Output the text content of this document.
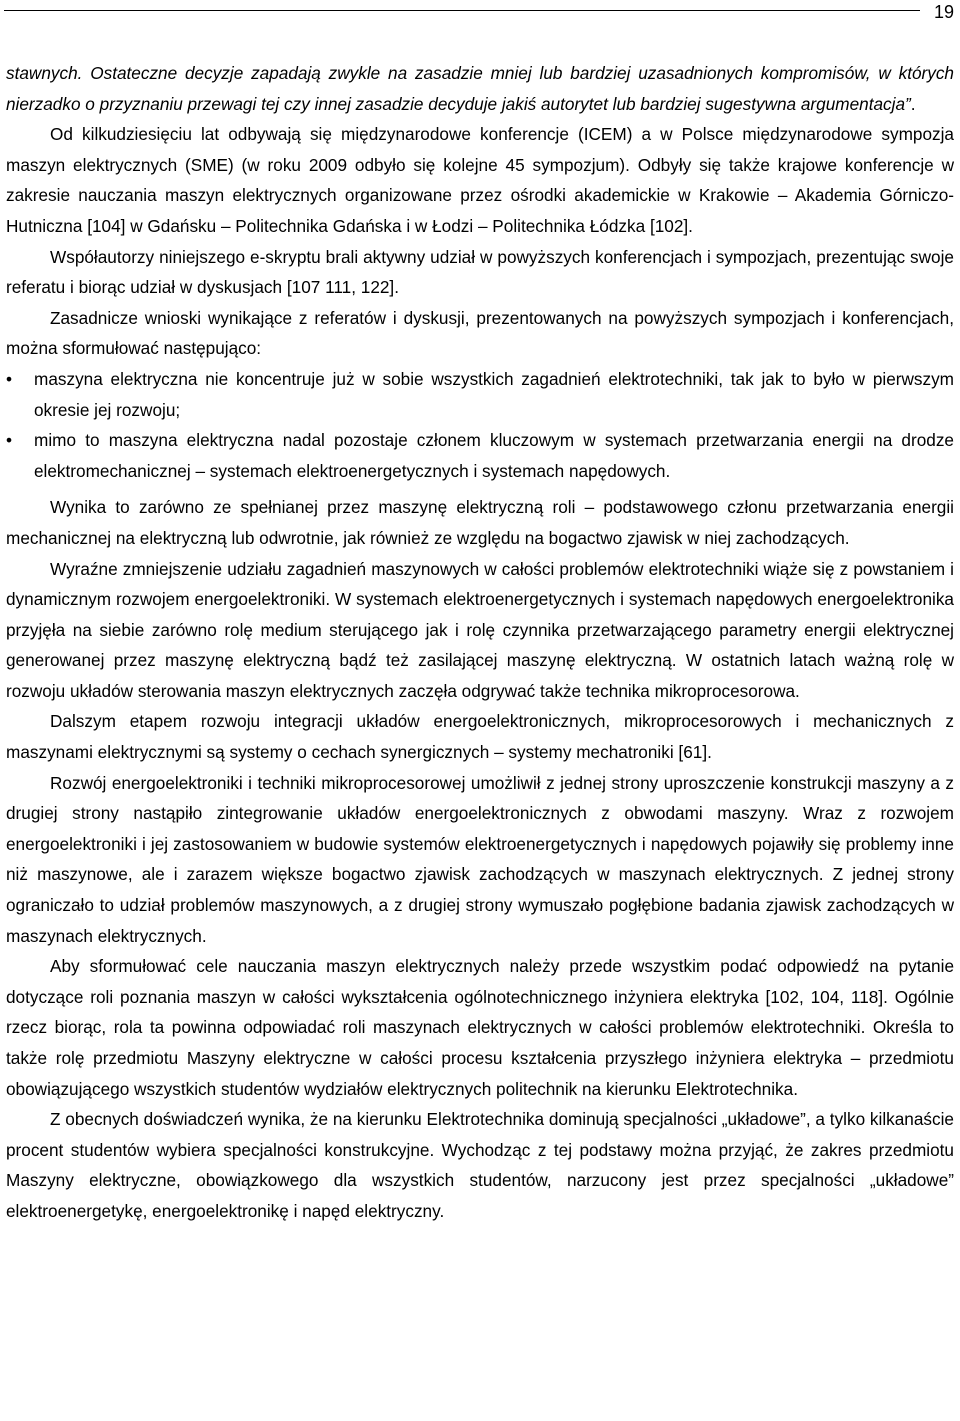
19

stawnych. Ostateczne decyzje zapadają zwykle na zasadzie mniej lub bardziej uzasadnionych kompromisów, w których nierzadko o przyznaniu przewagi tej czy innej zasadzie decyduje jakiś autorytet lub bardziej sugestywna argumentacja”.

Od kilkudziesięciu lat odbywają się międzynarodowe konferencje (ICEM) a w Polsce międzynarodowe sympozja maszyn elektrycznych (SME) (w roku 2009 odbyło się kolejne 45 sympozjum). Odbyły się także krajowe konferencje w zakresie nauczania maszyn elektrycznych organizowane przez ośrodki akademickie w Krakowie – Akademia Górniczo-Hutniczna [104] w Gdańsku – Politechnika Gdańska i w Łodzi – Politechnika Łódzka [102].

Współautorzy niniejszego e-skryptu brali aktywny udział w powyższych konferencjach i sympozjach, prezentując swoje referatu i biorąc udział w dyskusjach [107 111, 122].

Zasadnicze wnioski wynikające z referatów i dyskusji, prezentowanych na powyższych sympozjach i konferencjach, można sformułować następująco:

• maszyna elektryczna nie koncentruje już w sobie wszystkich zagadnień elektrotechniki, tak jak to było w pierwszym okresie jej rozwoju;
• mimo to maszyna elektryczna nadal pozostaje członem kluczowym w systemach przetwarzania energii na drodze elektromechanicznej – systemach elektroenergetycznych i systemach napędowych.

Wynika to zarówno ze spełnianej przez maszynę elektryczną roli – podstawowego członu przetwarzania energii mechanicznej na elektryczną lub odwrotnie, jak również ze względu na bogactwo zjawisk w niej zachodzących.

Wyraźne zmniejszenie udziału zagadnień maszynowych w całości problemów elektrotechniki wiąże się z powstaniem i dynamicznym rozwojem energoelektroniki. W systemach elektroenergetycznych i systemach napędowych energoelektronika przyjęła na siebie zarówno rolę medium sterującego jak i rolę czynnika przetwarzającego parametry energii elektrycznej generowanej przez maszynę elektryczną bądź też zasilającej maszynę elektryczną. W ostatnich latach ważną rolę w rozwoju układów sterowania maszyn elektrycznych zaczęła odgrywać także technika mikroprocesorowa.

Dalszym etapem rozwoju integracji układów energoelektronicznych, mikroprocesorowych i mechanicznych z maszynami elektrycznymi są systemy o cechach synergicznych – systemy mechatroniki [61].

Rozwój energoelektroniki i techniki mikroprocesorowej umożliwił z jednej strony uproszczenie konstrukcji maszyny a z drugiej strony nastąpiło zintegrowanie układów energoelektronicznych z obwodami maszyny. Wraz z rozwojem energoelektroniki i jej zastosowaniem w budowie systemów elektroenergetycznych i napędowych pojawiły się problemy inne niż maszynowe, ale i zarazem większe bogactwo zjawisk zachodzących w maszynach elektrycznych. Z jednej strony ograniczało to udział problemów maszynowych, a z drugiej strony wymuszało pogłębione badania zjawisk zachodzących w maszynach elektrycznych.

Aby sformułować cele nauczania maszyn elektrycznych należy przede wszystkim podać odpowiedź na pytanie dotyczące roli poznania maszyn w całości wykształcenia ogólnotechnicznego inżyniera elektryka [102, 104, 118]. Ogólnie rzecz biorąc, rola ta powinna odpowiadać roli maszynach elektrycznych w całości problemów elektrotechniki. Określa to także rolę przedmiotu Maszyny elektryczne w całości procesu kształcenia przyszłego inżyniera elektryka – przedmiotu obowiązującego wszystkich studentów wydziałów elektrycznych politechnik na kierunku Elektrotechnika.

Z obecnych doświadczeń wynika, że na kierunku Elektrotechnika dominują specjalności „układowe”, a tylko kilkanaście procent studentów wybiera specjalności konstrukcyjne. Wychodząc z tej podstawy można przyjąć, że zakres przedmiotu Maszyny elektryczne, obowiązkowego dla wszystkich studentów, narzucony jest przez specjalności „układowe” elektroenergetykę, energoelektronikę i napęd elektryczny.
